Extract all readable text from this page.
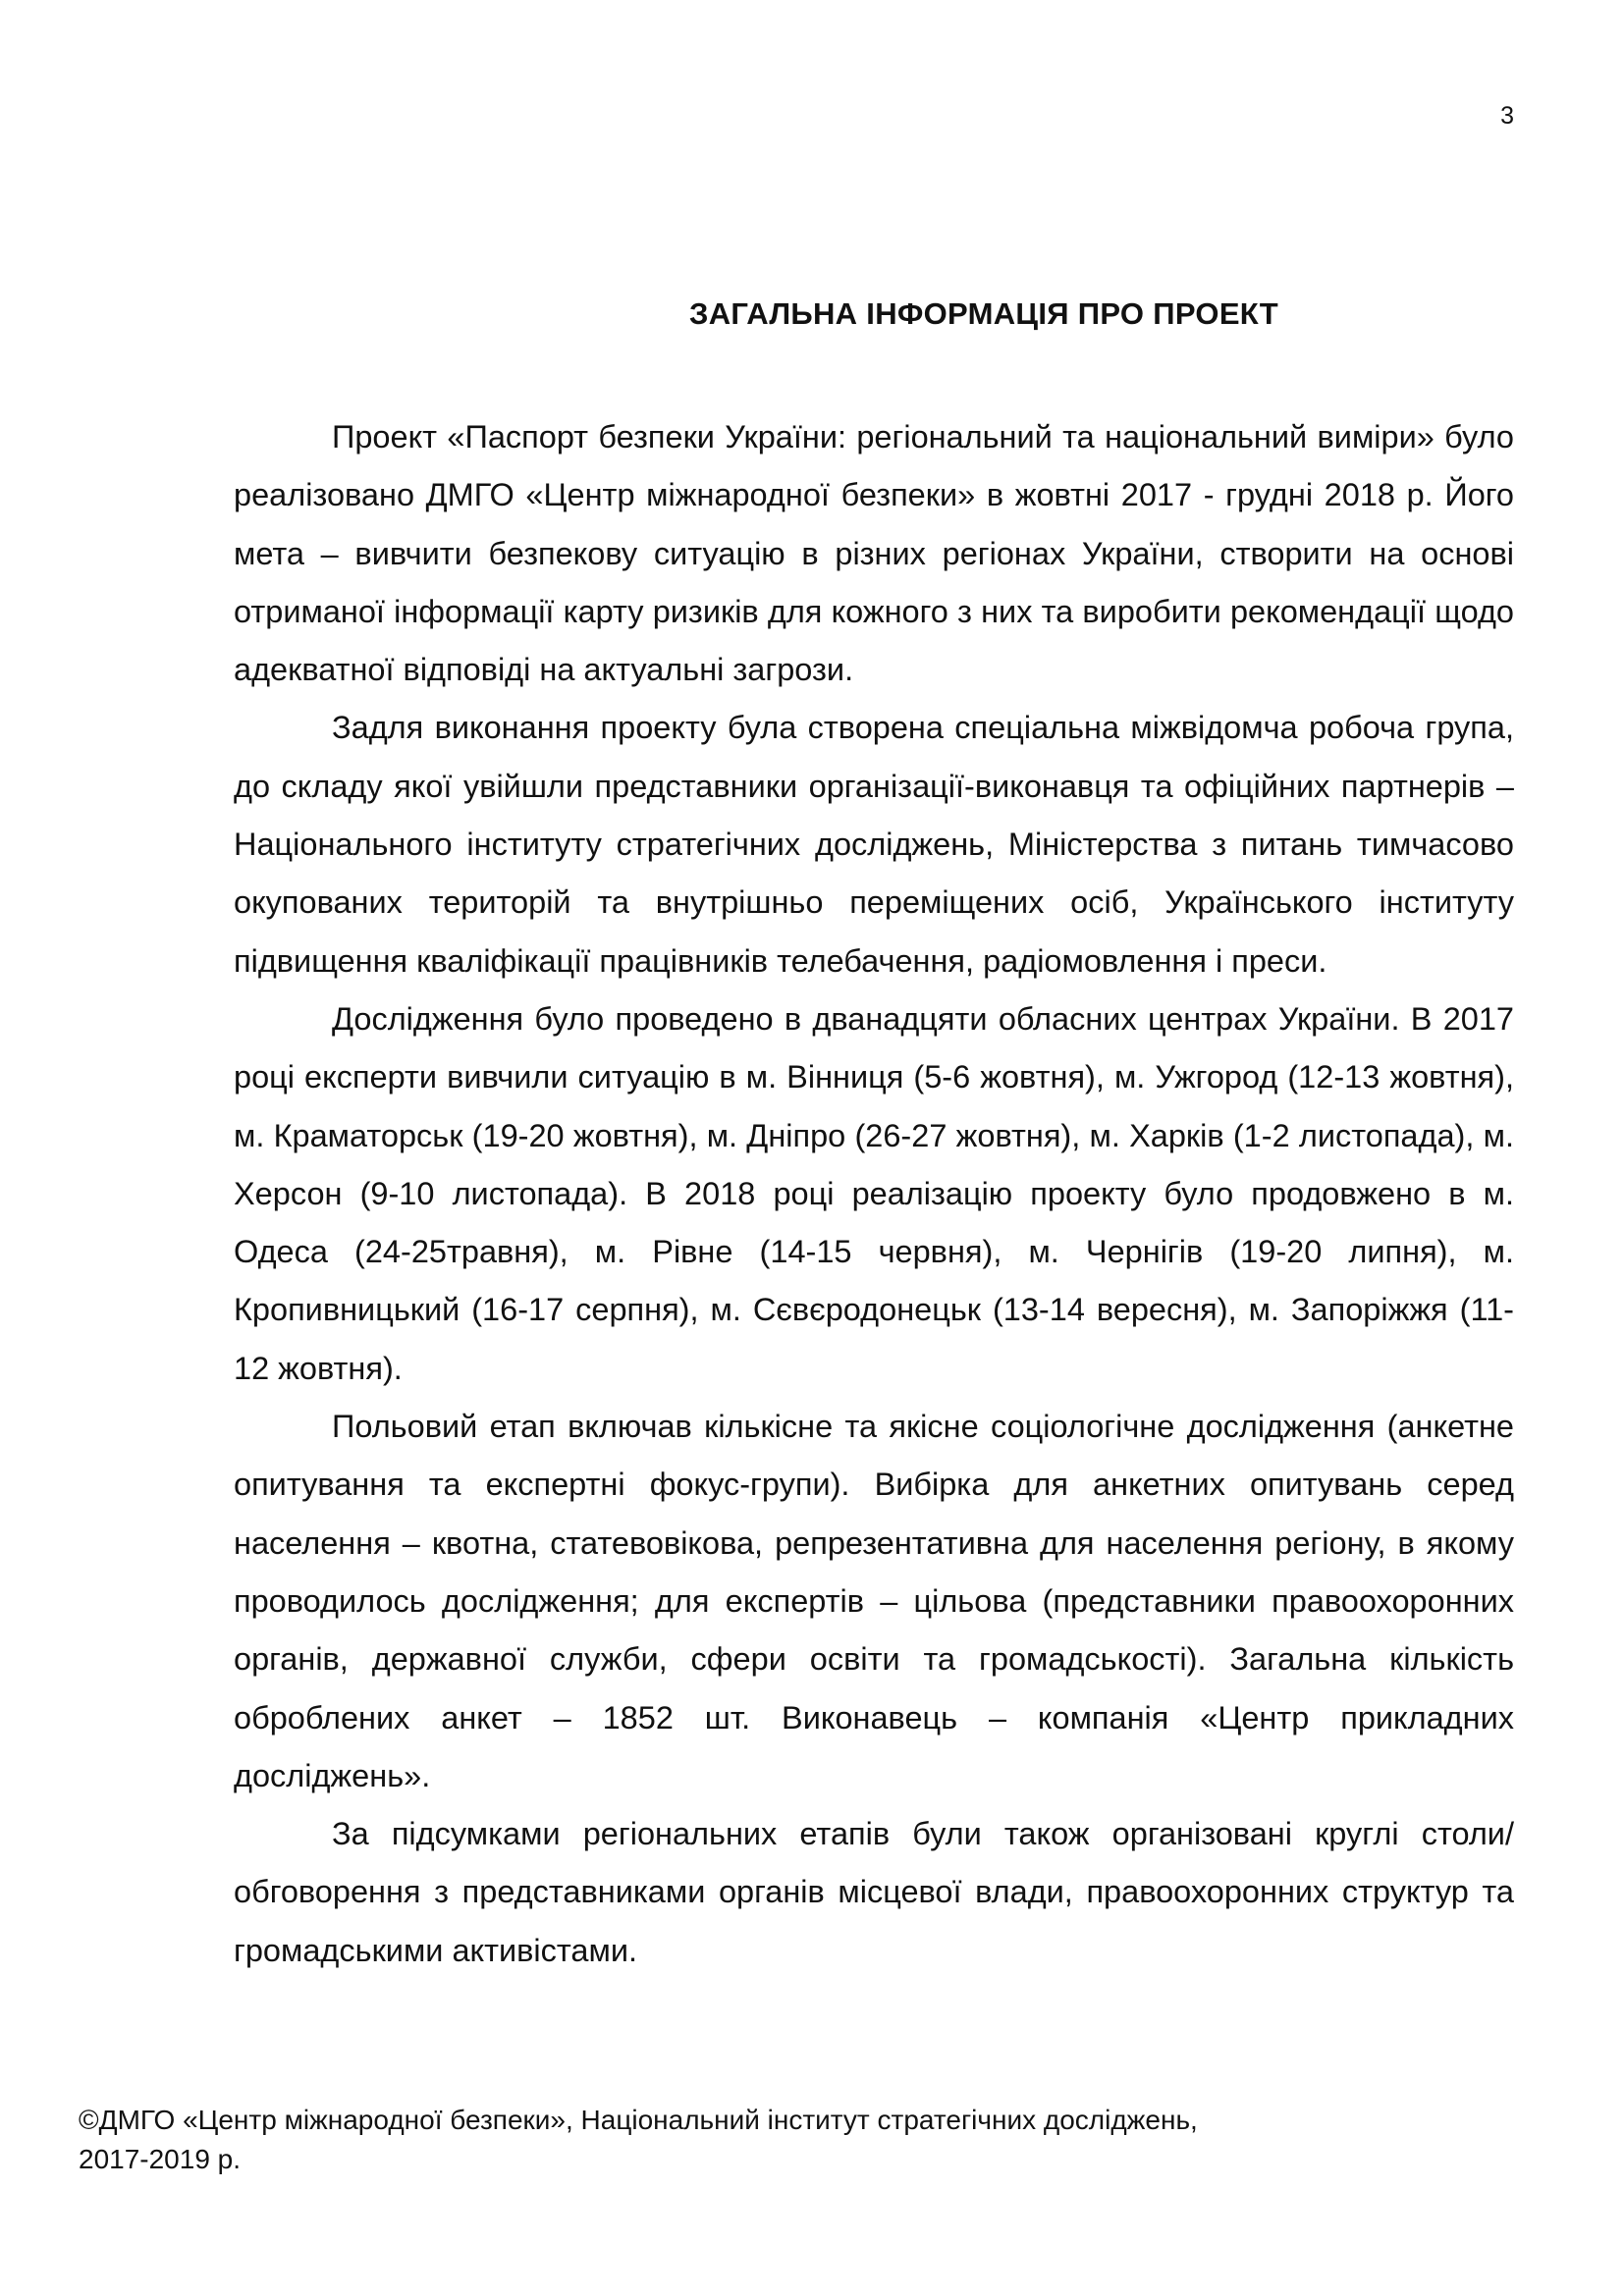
3
ЗАГАЛЬНА ІНФОРМАЦІЯ ПРО ПРОЕКТ

Проект «Паспорт безпеки України: регіональний та національний виміри» було реалізовано ДМГО «Центр міжнародної безпеки» в жовтні 2017 - грудні 2018 р. Його мета – вивчити безпекову ситуацію в різних регіонах України, створити на основі отриманої інформації карту ризиків для кожного з них та виробити рекомендації щодо адекватної відповіді на актуальні загрози.

Задля виконання проекту була створена спеціальна міжвідомча робоча група, до складу якої увійшли представники організації-виконавця та офіційних партнерів – Національного інституту стратегічних досліджень, Міністерства з питань тимчасово окупованих територій та внутрішньо переміщених осіб, Українського інституту підвищення кваліфікації працівників телебачення, радіомовлення і преси.

Дослідження було проведено в дванадцяти обласних центрах України. В 2017 році експерти вивчили ситуацію в м. Вінниця (5-6 жовтня), м. Ужгород (12-13 жовтня), м. Краматорськ (19-20 жовтня), м. Дніпро (26-27 жовтня), м. Харків (1-2 листопада), м. Херсон (9-10 листопада). В 2018 році реалізацію проекту було продовжено в м. Одеса (24-25травня), м. Рівне (14-15 червня), м. Чернігів (19-20 липня), м. Кропивницький (16-17 серпня), м. Сєвєродонецьк (13-14 вересня), м. Запоріжжя (11-12 жовтня).

Польовий етап включав кількісне та якісне соціологічне дослідження (анкетне опитування та експертні фокус-групи). Вибірка для анкетних опитувань серед населення – квотна, статевовікова, репрезентативна для населення регіону, в якому проводилось дослідження; для експертів – цільова (представники правоохоронних органів, державної служби, сфери освіти та громадськості). Загальна кількість оброблених анкет – 1852 шт. Виконавець – компанія «Центр прикладних досліджень».

За підсумками регіональних етапів були також організовані круглі столи/обговорення з представниками органів місцевої влади, правоохоронних структур та громадськими активістами.

©ДМГО «Центр міжнародної безпеки», Національний інститут стратегічних досліджень,
2017-2019 р.
